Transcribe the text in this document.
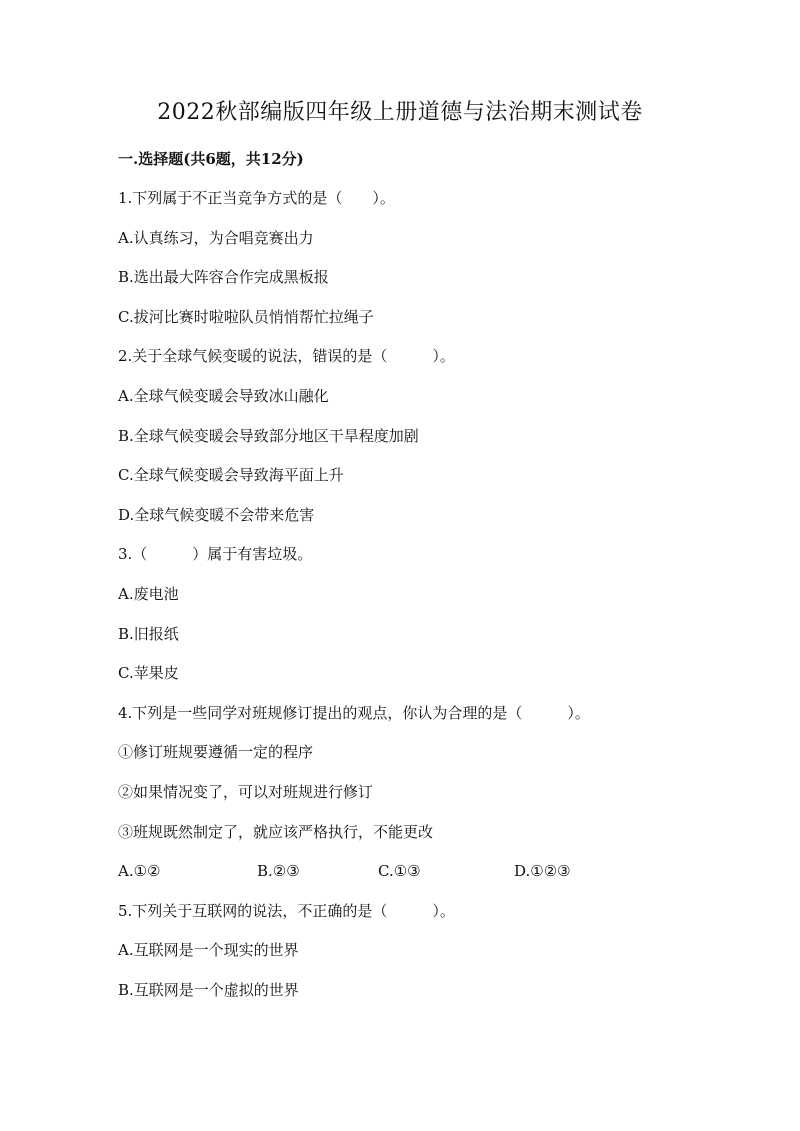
2022秋部编版四年级上册道德与法治期末测试卷
一.选择题(共6题，共12分)
1.下列属于不正当竞争方式的是（　　）。
A.认真练习，为合唱竞赛出力
B.选出最大阵容合作完成黑板报
C.拔河比赛时啦啦队员悄悄帮忙拉绳子
2.关于全球气候变暖的说法，错误的是（　　　）。
A.全球气候变暖会导致冰山融化
B.全球气候变暖会导致部分地区干旱程度加剧
C.全球气候变暖会导致海平面上升
D.全球气候变暖不会带来危害
3.（　　　）属于有害垃圾。
A.废电池
B.旧报纸
C.苹果皮
4.下列是一些同学对班规修订提出的观点，你认为合理的是（　　　）。
①修订班规要遵循一定的程序
②如果情况变了，可以对班规进行修订
③班规既然制定了，就应该严格执行，不能更改
A.①②	B.②③	C.①③	D.①②③
5.下列关于互联网的说法，不正确的是（　　　）。
A.互联网是一个现实的世界
B.互联网是一个虚拟的世界
